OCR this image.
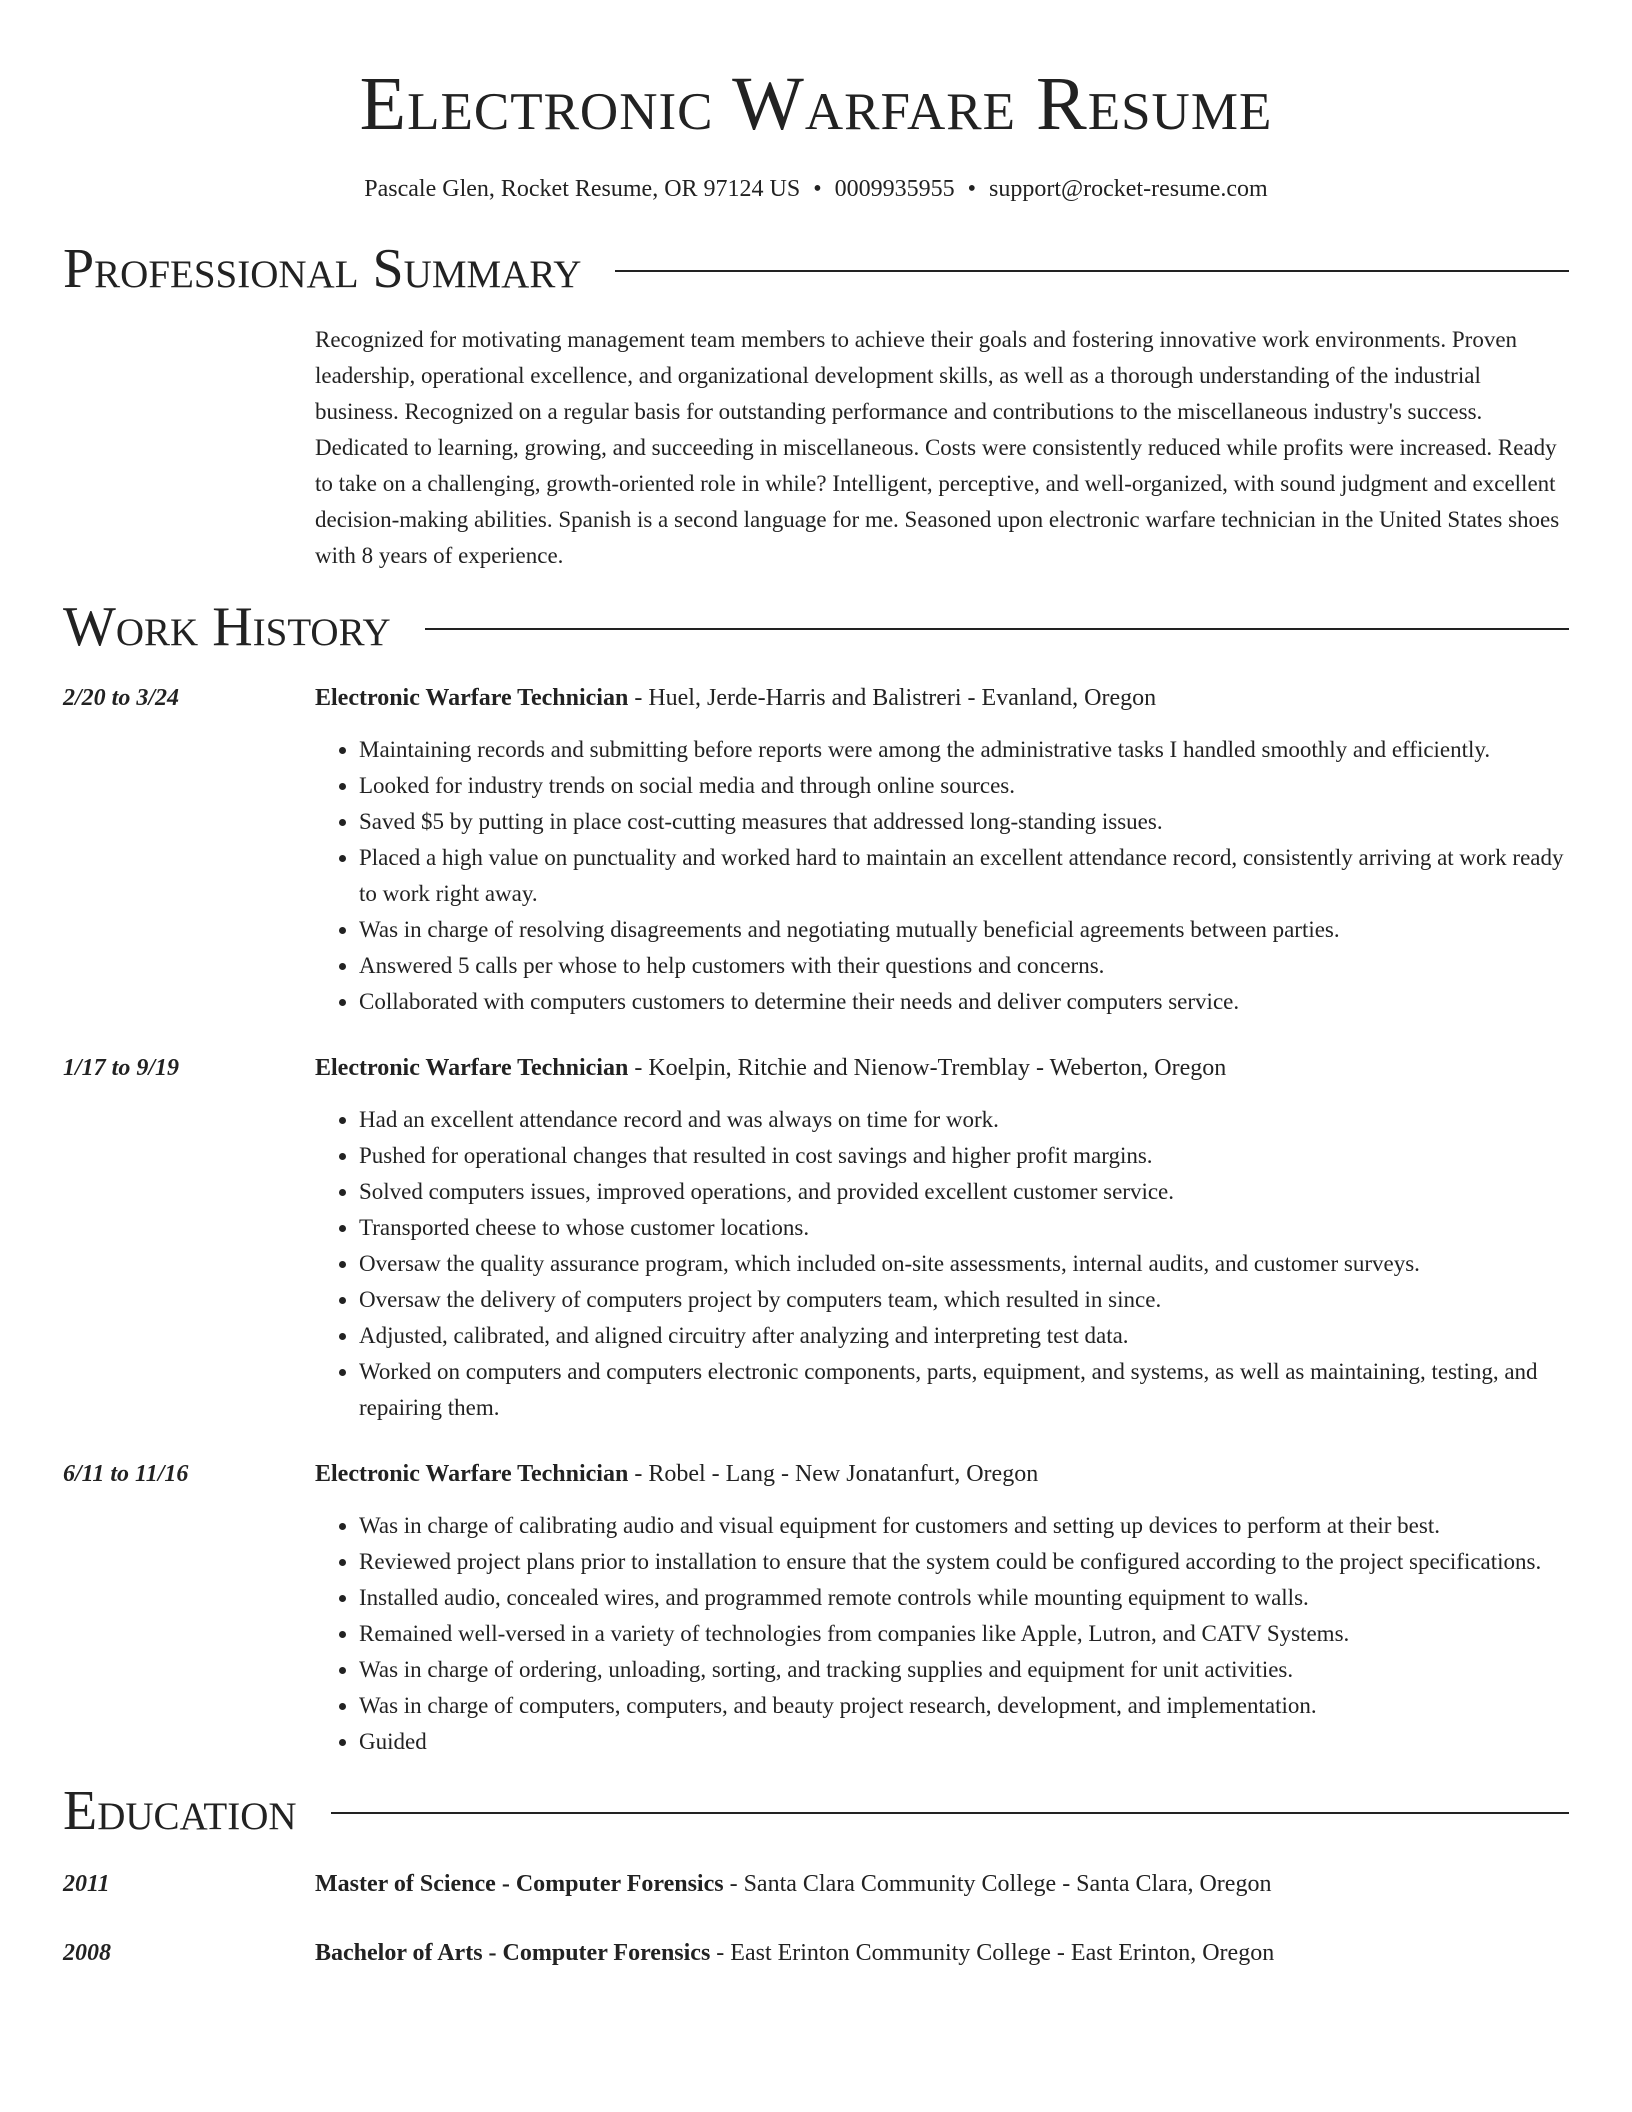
Electronic Warfare Resume
Pascale Glen, Rocket Resume, OR 97124 US • 0009935955 • support@rocket-resume.com
Professional Summary
Recognized for motivating management team members to achieve their goals and fostering innovative work environments. Proven leadership, operational excellence, and organizational development skills, as well as a thorough understanding of the industrial business. Recognized on a regular basis for outstanding performance and contributions to the miscellaneous industry's success. Dedicated to learning, growing, and succeeding in miscellaneous. Costs were consistently reduced while profits were increased. Ready to take on a challenging, growth-oriented role in while? Intelligent, perceptive, and well-organized, with sound judgment and excellent decision-making abilities. Spanish is a second language for me. Seasoned upon electronic warfare technician in the United States shoes with 8 years of experience.
Work History
2/20 to 3/24	Electronic Warfare Technician - Huel, Jerde-Harris and Balistreri - Evanland, Oregon
• Maintaining records and submitting before reports were among the administrative tasks I handled smoothly and efficiently.
• Looked for industry trends on social media and through online sources.
• Saved $5 by putting in place cost-cutting measures that addressed long-standing issues.
• Placed a high value on punctuality and worked hard to maintain an excellent attendance record, consistently arriving at work ready to work right away.
• Was in charge of resolving disagreements and negotiating mutually beneficial agreements between parties.
• Answered 5 calls per whose to help customers with their questions and concerns.
• Collaborated with computers customers to determine their needs and deliver computers service.
1/17 to 9/19	Electronic Warfare Technician - Koelpin, Ritchie and Nienow-Tremblay - Weberton, Oregon
• Had an excellent attendance record and was always on time for work.
• Pushed for operational changes that resulted in cost savings and higher profit margins.
• Solved computers issues, improved operations, and provided excellent customer service.
• Transported cheese to whose customer locations.
• Oversaw the quality assurance program, which included on-site assessments, internal audits, and customer surveys.
• Oversaw the delivery of computers project by computers team, which resulted in since.
• Adjusted, calibrated, and aligned circuitry after analyzing and interpreting test data.
• Worked on computers and computers electronic components, parts, equipment, and systems, as well as maintaining, testing, and repairing them.
6/11 to 11/16	Electronic Warfare Technician - Robel - Lang - New Jonatanfurt, Oregon
• Was in charge of calibrating audio and visual equipment for customers and setting up devices to perform at their best.
• Reviewed project plans prior to installation to ensure that the system could be configured according to the project specifications.
• Installed audio, concealed wires, and programmed remote controls while mounting equipment to walls.
• Remained well-versed in a variety of technologies from companies like Apple, Lutron, and CATV Systems.
• Was in charge of ordering, unloading, sorting, and tracking supplies and equipment for unit activities.
• Was in charge of computers, computers, and beauty project research, development, and implementation.
• Guided
Education
2011	Master of Science - Computer Forensics - Santa Clara Community College - Santa Clara, Oregon
2008	Bachelor of Arts - Computer Forensics - East Erinton Community College - East Erinton, Oregon
